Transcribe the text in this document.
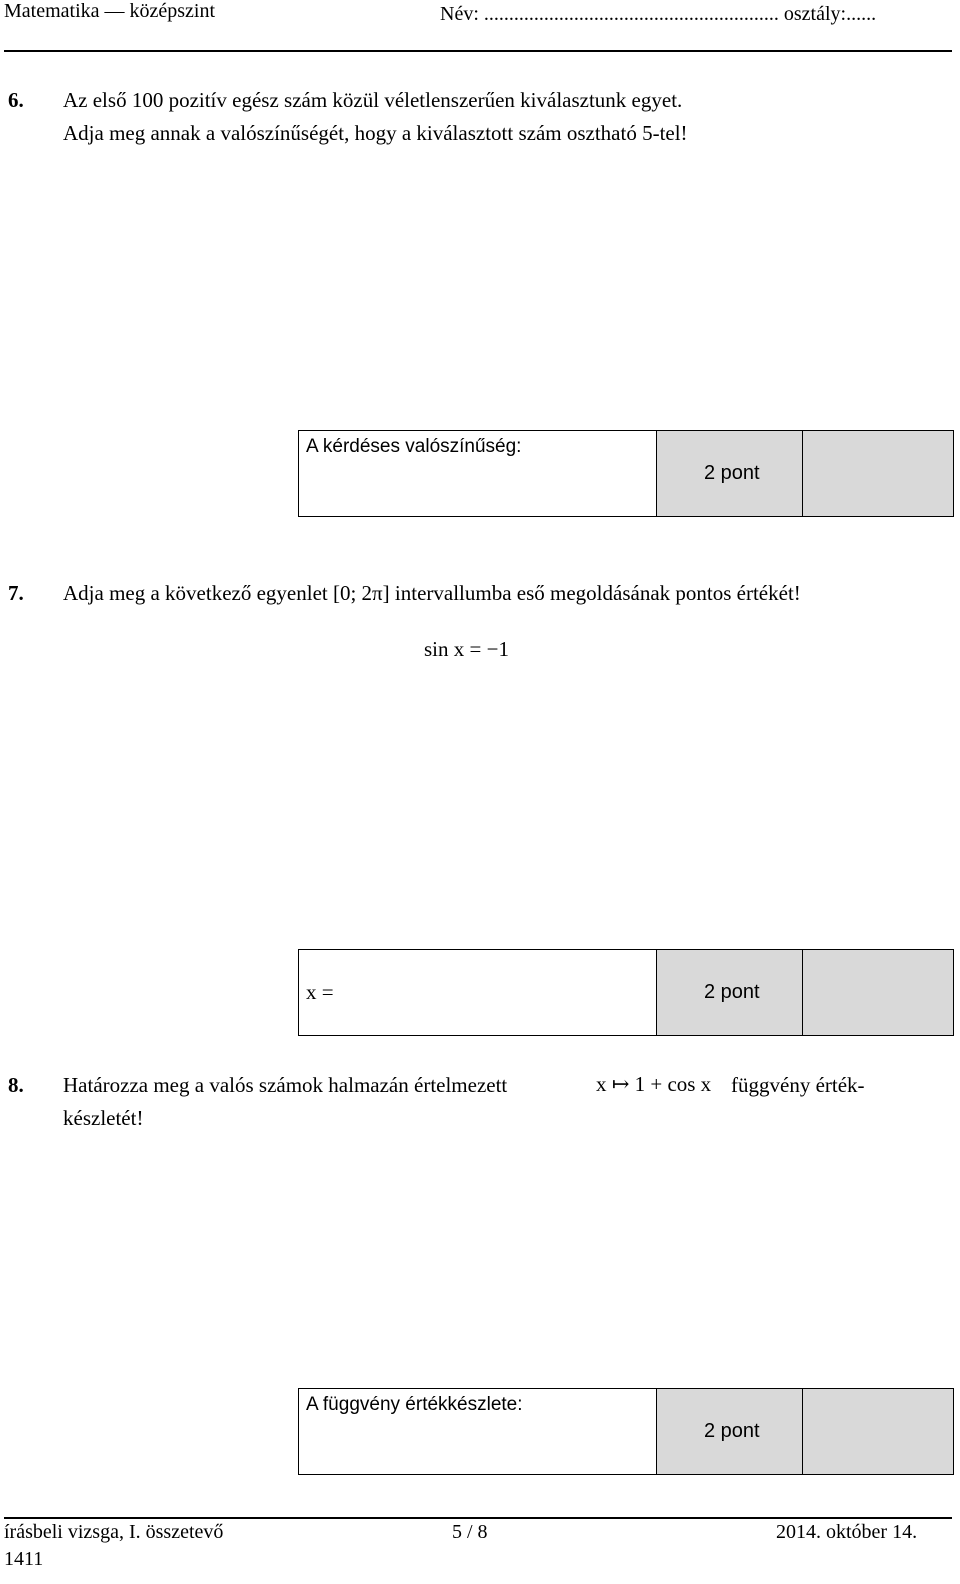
Matematika — középszint	Név: ........................................................... osztály:......
6. Az első 100 pozitív egész szám közül véletlenszerűen kiválasztunk egyet.
Adja meg annak a valószínűségét, hogy a kiválasztott szám osztható 5-tel!
A kérdéses valószínűség:
2 pont
7. Adja meg a következő egyenlet [0; 2π] intervallumba eső megoldásának pontos értékét!
sin x = −1
x =	2 pont
8. Határozza meg a valós számok halmazán értelmezett	x ↦ 1 + cos x függvény érték-
készletét!
A függvény értékkészlete:
2 pont
írásbeli vizsga, I. összetevő
1411
5 / 8	2014. október 14.
